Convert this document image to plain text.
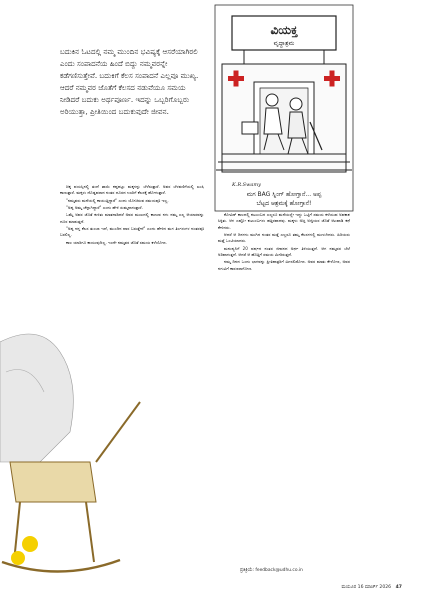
ಬದುಕಿನ ಓಟದಲ್ಲಿ ನಮ್ಮ ಮುಂದಿನ ಭವಿಷ್ಯಕ್ಕೆ ಆಸರೆಯಾಗಿರಲಿ ಎಂದು ಸಂಪಾದನೆಯ ಹಿಂದೆ ಬಿದ್ದು ನಮ್ಮವರನ್ನೇ ಕಡೆಗಣಿಸುತ್ತೇವೆ. ಬದುಕಿಗೆ ಕೆಲಸ ಸಂಪಾದನೆ ಎಲ್ಲವೂ ಮುಖ್ಯ. ಆದರೆ ನಮ್ಮವರ ಜೊತೆಗೆ ಕೆಲಸದ ನಡುವೆಯೂ ಸಮಯ ನೀಡಿದರೆ ಬದುಕು ಅರ್ಥಪೂರ್ಣ. ಇದನ್ನು ಒಬ್ಬರಿಗೊಬ್ಬರು ಅರಿಯುತ್ತಾ, ಪ್ರೀತಿಯಿಂದ ಬದುಕುವುದೇ ಜೀವನ.
ವಿಯಕ್ತ
ವೃದ್ಧಾಶ್ರಮ
K.R.Swamy
ಮಗ BAG ಸ್ನಿಂಗ್ ಹೋಗ್ತಾನೆ... ಅಪ್ಪ
ಬೆಟ್ಟದ ಆಶ್ರಮಕ್ಕೆ ಹೋಗ್ತಾನೆ!

ಚಿಕ್ಕ ವಯಸ್ಸಿನಲ್ಲಿ ತಂದೆ ತಾಯಿ ಕಷ್ಟಪಟ್ಟು ಮಕ್ಕಳನ್ನು ಬೆಳೆಸುತ್ತಾರೆ. ಅವರ ಬೆಳವಣಿಗೆಯಲ್ಲಿ ಖುಷಿ ಕಾಣುತ್ತಾರೆ. ಮಕ್ಕಳು ದೊಡ್ಡವರಾದ ನಂತರ ದೂರದ ಊರಿಗೆ ಕೆಲಸಕ್ಕೆ ಹೋಗುತ್ತಾರೆ.

"ನಮ್ಮವರು ಮನೆಯಲ್ಲಿ ಕಾಯುತ್ತಿದ್ದಾರೆ" ಎಂದು ಯೋಚಿಸುವ ಸಮಯವೂ ಇಲ್ಲ.

"ಅಪ್ಪ ಅಮ್ಮ ಚೆನ್ನಾಗಿದ್ದಾರೆ" ಎಂದು ಹೇಳಿ ಸುಮ್ಮನಾಗುತ್ತಾರೆ.

ಒಮ್ಮೆ ಅವರ ಜೊತೆ ಕುಳಿತು ಮಾತನಾಡಿದರೆ ಅವರ ಮುಖದಲ್ಲಿ ಕಾಣುವ ನಗು ನಮ್ಮ ಎಲ್ಲ ಆಯಾಸವನ್ನು ದೂರ ಮಾಡುತ್ತದೆ.

"ಅಪ್ಪ ನನ್ನ ಕೆಲಸ ತುಂಬಾ ಇದೆ, ಮುಂದಿನ ವಾರ ಬರುತ್ತೇನೆ" ಎಂದು ಹೇಳಿದ ಮಗ ತಿಂಗಳುಗಳ ನಂತರವೂ ಬರಲಿಲ್ಲ.

ಕಾಲ ಯಾರಿಗೂ ಕಾಯುವುದಿಲ್ಲ. ಇಂದೇ ನಮ್ಮವರ ಜೊತೆ ಸಮಯ ಕಳೆಯೋಣ.

ಕೋವಿಡ್ ಕಾಲದಲ್ಲಿ ಕುಟುಂಬದ ಎಲ್ಲರೂ ಮನೆಯಲ್ಲೇ ಇದ್ದು ಒಟ್ಟಿಗೆ ಸಮಯ ಕಳೆಯುವ ಅವಕಾಶ ಸಿಕ್ಕಿತು. ಆಗ ಎಷ್ಟೋ ಕುಟುಂಬಗಳು ಹತ್ತಿರವಾದವು. ಮಕ್ಕಳು ಅಜ್ಜ ಅಜ್ಜಿಯರ ಜೊತೆ ಆಟವಾಡಿ ಕಥೆ ಕೇಳಿದರು.

ಆದರೆ ಆ ದಿನಗಳು ಮುಗಿದ ನಂತರ ಮತ್ತೆ ಎಲ್ಲರೂ ತಮ್ಮ ಕೆಲಸಗಳಲ್ಲಿ ಮುಳುಗಿದರು. ಹಿರಿಯರು ಮತ್ತೆ ಒಂಟಿಯಾದರು.

ಮನುಷ್ಯನಿಗೆ 20 ವರ್ಷದ ನಂತರ ಜೀವನದ ಅರ್ಥ ತಿಳಿಯುತ್ತದೆ. ಆಗ ನಮ್ಮವರ ಬೆಲೆ ಅರಿವಾಗುತ್ತದೆ. ಆದರೆ ಆ ಹೊತ್ತಿಗೆ ಸಮಯ ಮೀರಿರುತ್ತದೆ.

ನಮ್ಮ ದಿನದ ಒಂದು ಭಾಗವನ್ನು ಪ್ರೀತಿಪಾತ್ರರಿಗೆ ಮೀಸಲಿಡೋಣ. ಅವರ ಮಾತು ಕೇಳೋಣ, ಅವರ ನಗುವಿಗೆ ಕಾರಣರಾಗೋಣ.

ಪ್ರತಿಕ್ರಿಯೆ: feedback@udhu.co.in
ಮಯೂರ 16 ಮಾರ್ಚ್ 2026 47
